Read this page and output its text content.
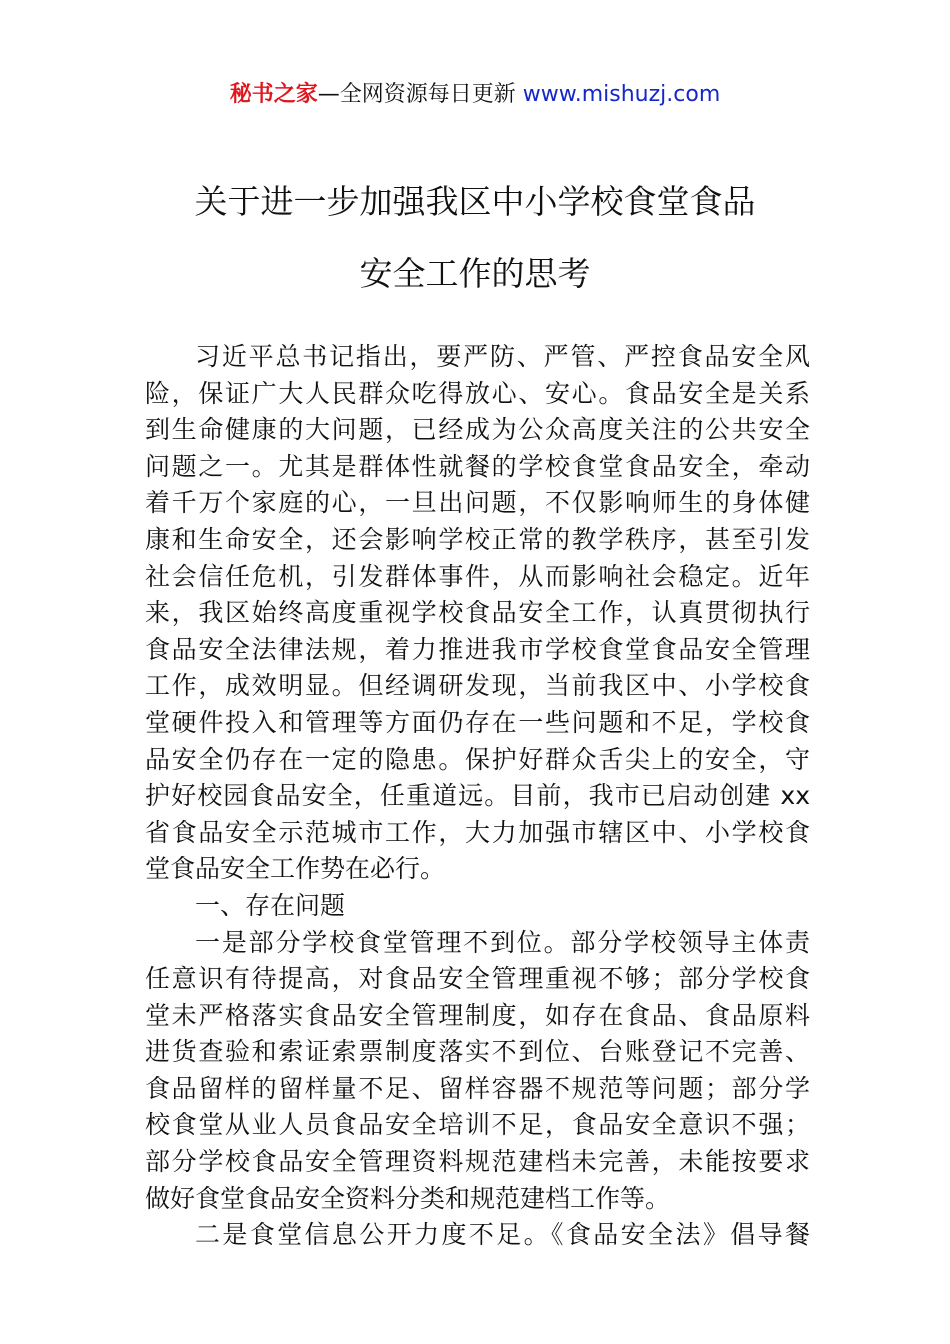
秘书之家—全网资源每日更新 www.mishuzj.com
关于进一步加强我区中小学校食堂食品
安全工作的思考
习近平总书记指出，要严防、严管、严控食品安全风
险，保证广大人民群众吃得放心、安心。食品安全是关系
到生命健康的大问题，已经成为公众高度关注的公共安全
问题之一。尤其是群体性就餐的学校食堂食品安全，牵动
着千万个家庭的心，一旦出问题，不仅影响师生的身体健
康和生命安全，还会影响学校正常的教学秩序，甚至引发
社会信任危机，引发群体事件，从而影响社会稳定。近年
来，我区始终高度重视学校食品安全工作，认真贯彻执行
食品安全法律法规，着力推进我市学校食堂食品安全管理
工作，成效明显。但经调研发现，当前我区中、小学校食
堂硬件投入和管理等方面仍存在一些问题和不足，学校食
品安全仍存在一定的隐患。保护好群众舌尖上的安全，守
护好校园食品安全，任重道远。目前，我市已启动创建 xx
省食品安全示范城市工作，大力加强市辖区中、小学校食
堂食品安全工作势在必行。
一、存在问题
一是部分学校食堂管理不到位。部分学校领导主体责
任意识有待提高，对食品安全管理重视不够；部分学校食
堂未严格落实食品安全管理制度，如存在食品、食品原料
进货查验和索证索票制度落实不到位、台账登记不完善、
食品留样的留样量不足、留样容器不规范等问题；部分学
校食堂从业人员食品安全培训不足，食品安全意识不强；
部分学校食品安全管理资料规范建档未完善，未能按要求
做好食堂食品安全资料分类和规范建档工作等。
二是食堂信息公开力度不足。《食品安全法》倡导餐
